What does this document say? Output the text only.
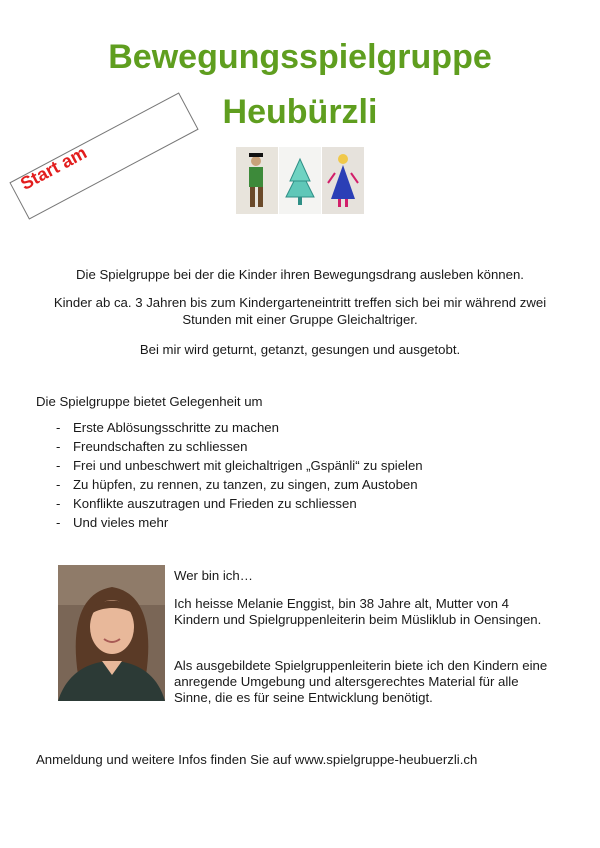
Bewegungsspielgruppe
Heubürzli
Start am

Die Spielgruppe bei der die Kinder ihren Bewegungsdrang ausleben können.

Kinder ab ca. 3 Jahren bis zum Kindergarteneintritt treffen sich bei mir während zwei Stunden mit einer Gruppe Gleichaltriger.

Bei mir wird geturnt, getanzt, gesungen und ausgetobt.

Die Spielgruppe bietet Gelegenheit um

- Erste Ablösungsschritte zu machen
- Freundschaften zu schliessen
- Frei und unbeschwert mit gleichaltrigen „Gspänli“ zu spielen
- Zu hüpfen, zu rennen, zu tanzen, zu singen, zum Austoben
- Konflikte auszutragen und Frieden zu schliessen
- Und vieles mehr

Wer bin ich…

Ich heisse Melanie Enggist, bin 38 Jahre alt, Mutter von 4 Kindern und Spielgruppenleiterin beim Müsliklub in Oensingen.

Als ausgebildete Spielgruppenleiterin biete ich den Kindern eine anregende Umgebung und altersgerechtes Material für alle Sinne, die es für seine Entwicklung benötigt.

Anmeldung und weitere Infos finden Sie auf www.spielgruppe-heubuerzli.ch
